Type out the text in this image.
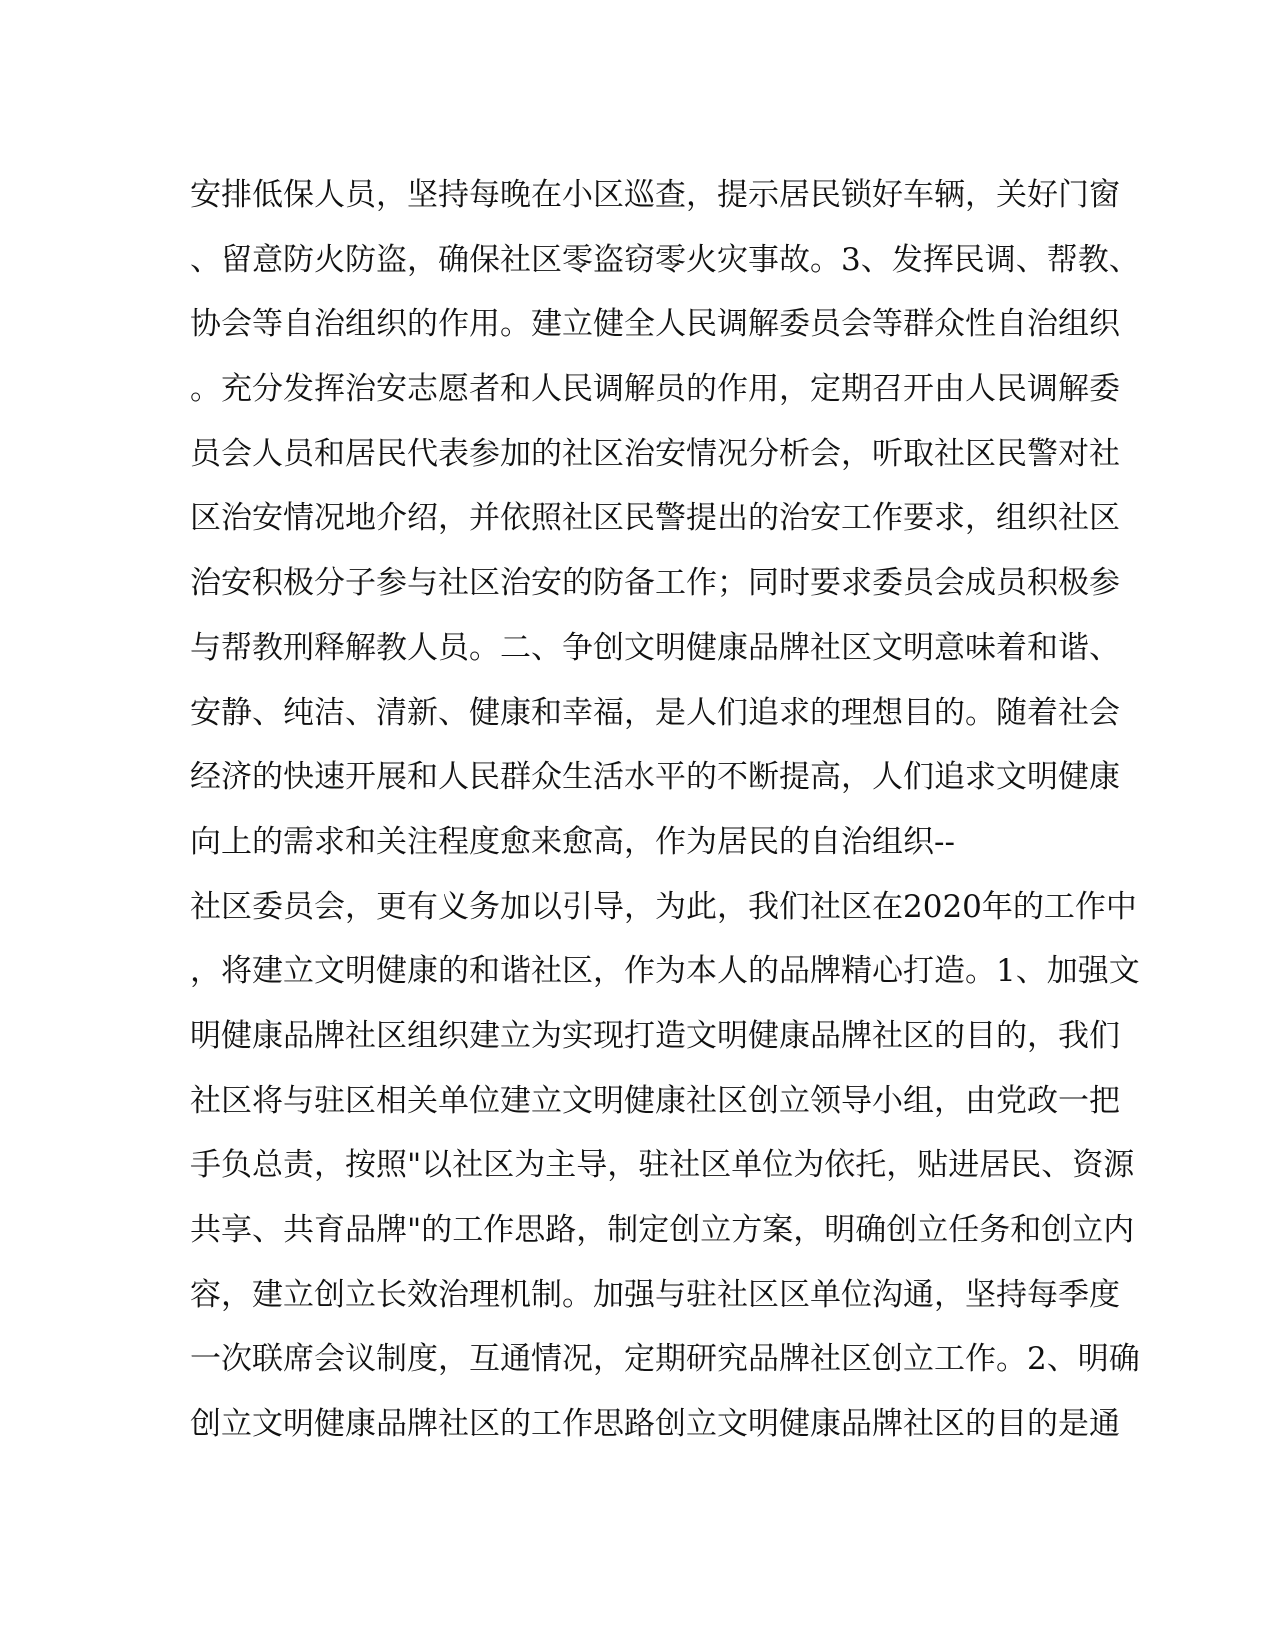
安排低保人员，坚持每晚在小区巡查，提示居民锁好车辆，关好门窗
、留意防火防盗，确保社区零盗窃零火灾事故。3、发挥民调、帮教、
协会等自治组织的作用。建立健全人民调解委员会等群众性自治组织
。充分发挥治安志愿者和人民调解员的作用，定期召开由人民调解委
员会人员和居民代表参加的社区治安情况分析会，听取社区民警对社
区治安情况地介绍，并依照社区民警提出的治安工作要求，组织社区
治安积极分子参与社区治安的防备工作；同时要求委员会成员积极参
与帮教刑释解教人员。二、争创文明健康品牌社区文明意味着和谐、
安静、纯洁、清新、健康和幸福，是人们追求的理想目的。随着社会
经济的快速开展和人民群众生活水平的不断提高，人们追求文明健康
向上的需求和关注程度愈来愈高，作为居民的自治组织--
社区委员会，更有义务加以引导，为此，我们社区在2020年的工作中
，将建立文明健康的和谐社区，作为本人的品牌精心打造。1、加强文
明健康品牌社区组织建立为实现打造文明健康品牌社区的目的，我们
社区将与驻区相关单位建立文明健康社区创立领导小组，由党政一把
手负总责，按照"以社区为主导，驻社区单位为依托，贴进居民、资源
共享、共育品牌"的工作思路，制定创立方案，明确创立任务和创立内
容，建立创立长效治理机制。加强与驻社区区单位沟通，坚持每季度
一次联席会议制度，互通情况，定期研究品牌社区创立工作。2、明确
创立文明健康品牌社区的工作思路创立文明健康品牌社区的目的是通
